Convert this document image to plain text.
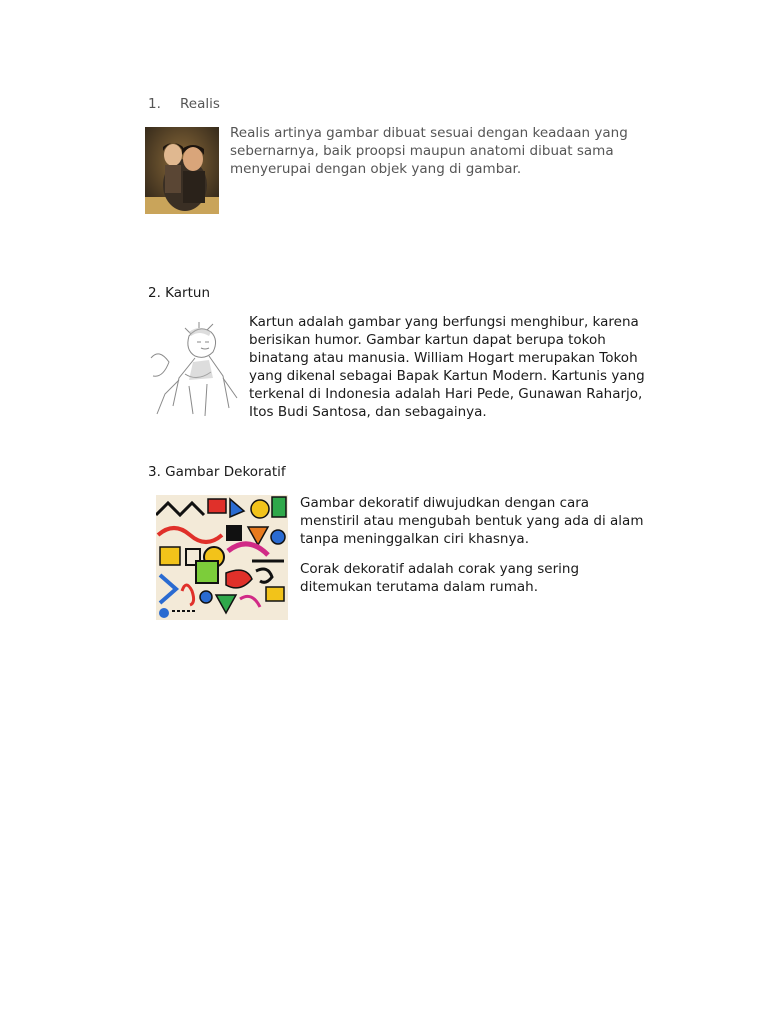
1. Realis

Realis artinya gambar dibuat sesuai dengan keadaan yang sebernarnya, baik proopsi maupun anatomi dibuat sama menyerupai dengan objek yang di gambar.

2. Kartun

Kartun adalah gambar yang berfungsi menghibur, karena berisikan humor. Gambar kartun dapat berupa tokoh binatang atau manusia. William Hogart merupakan Tokoh yang dikenal sebagai Bapak Kartun Modern. Kartunis yang terkenal di Indonesia adalah Hari Pede, Gunawan Raharjo, Itos Budi Santosa, dan sebagainya.

3. Gambar Dekoratif

Gambar dekoratif diwujudkan dengan cara menstiril atau mengubah bentuk yang ada di alam tanpa meninggalkan ciri khasnya.

Corak dekoratif adalah corak yang sering ditemukan terutama dalam rumah.
